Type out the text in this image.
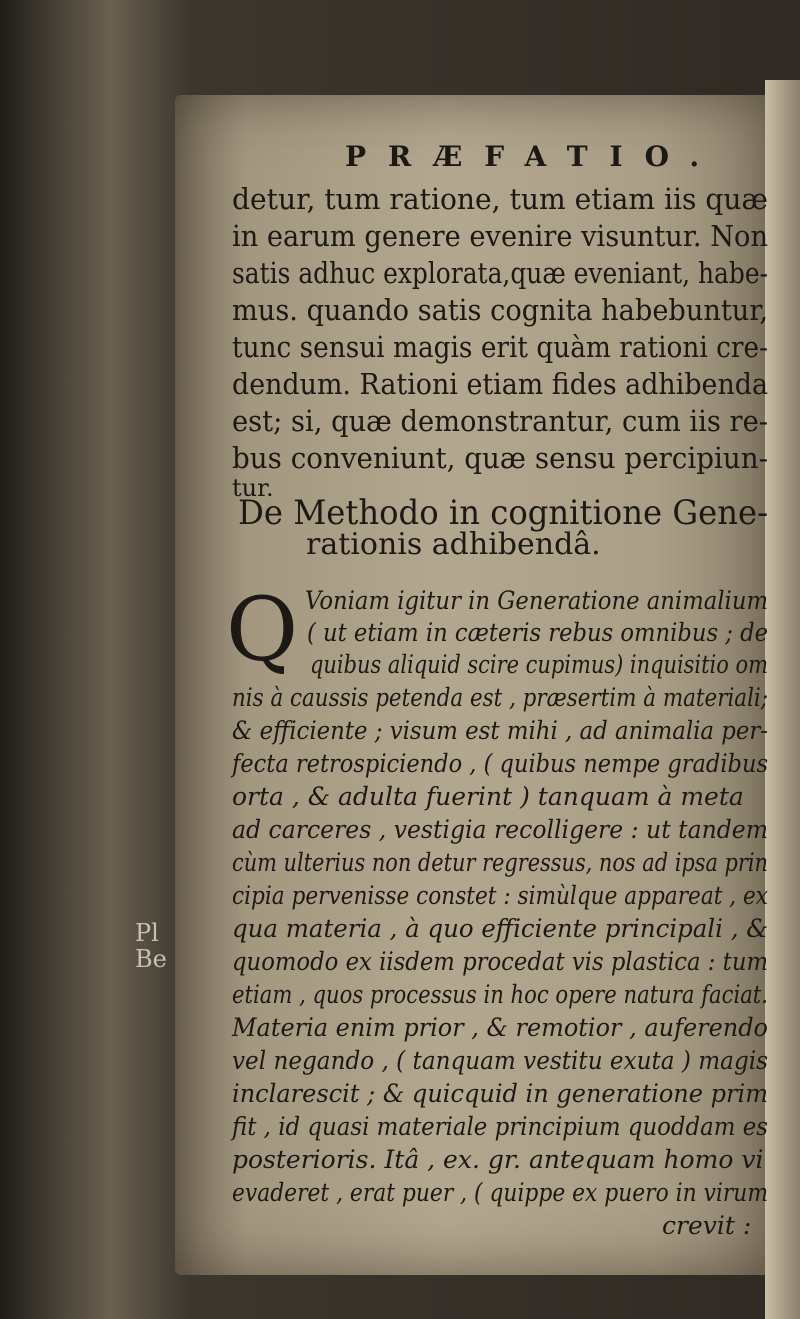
Pl
Be
PRÆFATIO.
detur, tum ratione, tum etiam iis quæ
in earum genere evenire visuntur. Non
satis adhuc explorata,quæ eveniant, habe-
mus. quando satis cognita habebuntur,
tunc sensui magis erit quàm rationi cre-
dendum. Rationi etiam fides adhibenda
est; si, quæ demonstrantur, cum iis re-
bus conveniunt, quæ sensu percipiun-
tur.
De Methodo in cognitione Gene-
rationis adhibendâ.
Q Voniam igitur in Generatione animalium
( ut etiam in cæteris rebus omnibus ; de
quibus aliquid scire cupimus) inquisitio om
nis à caussis petenda est , præsertim à materiali;
& efficiente ; visum est mihi , ad animalia per-
fecta retrospiciendo , ( quibus nempe gradibus
orta , & adulta fuerint ) tanquam à meta
ad carceres , vestigia recolligere : ut tandem
cùm ulterius non detur regressus, nos ad ipsa prin
cipia pervenisse constet : simùlque appareat , ex
qua materia , à quo efficiente principali , &
quomodo ex iisdem procedat vis plastica : tum
etiam , quos processus in hoc opere natura faciat.
Materia enim prior , & remotior , auferendo
vel negando , ( tanquam vestitu exuta ) magis
inclarescit ; & quicquid in generatione prim
fit , id quasi materiale principium quoddam es
posterioris. Itâ , ex. gr. antequam homo vi
evaderet , erat puer , ( quippe ex puero in virum
crevit :
